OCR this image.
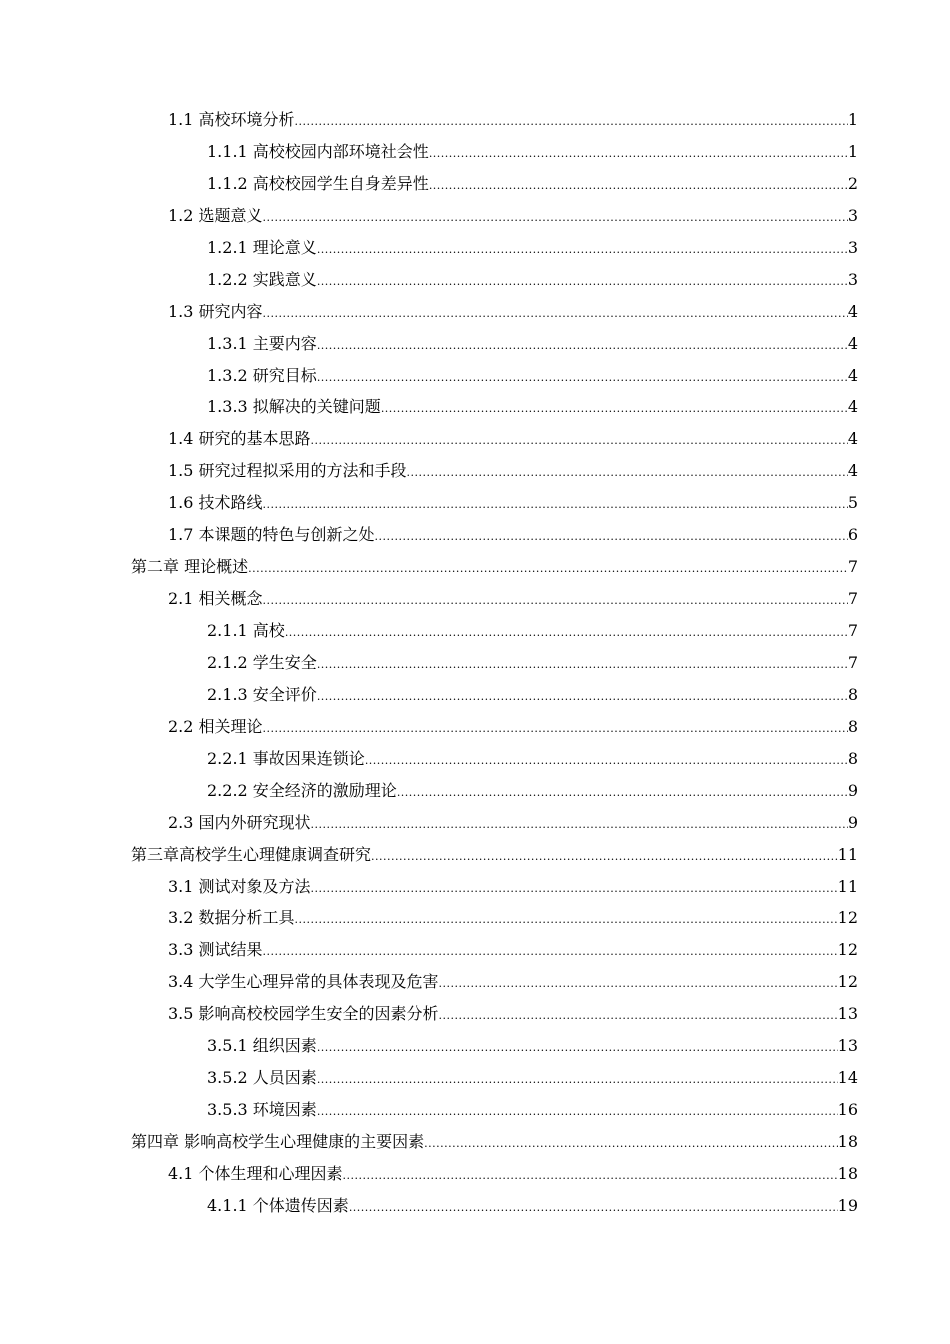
1.1 高校环境分析 .....	1
1.1.1 高校校园内部环境社会性 .....	1
1.1.2 高校校园学生自身差异性 .....	2
1.2 选题意义 .....	3
1.2.1 理论意义 .....	3
1.2.2 实践意义 .....	3
1.3 研究内容 .....	4
1.3.1 主要内容 .....	4
1.3.2 研究目标 .....	4
1.3.3 拟解决的关键问题 .....	4
1.4 研究的基本思路 .....	4
1.5 研究过程拟采用的方法和手段 .....	4
1.6 技术路线 .....	5
1.7 本课题的特色与创新之处 .....	6
第二章 理论概述 .....	7
2.1 相关概念 .....	7
2.1.1 高校 .....	7
2.1.2 学生安全 .....	7
2.1.3 安全评价 .....	8
2.2 相关理论 .....	8
2.2.1 事故因果连锁论 .....	8
2.2.2 安全经济的激励理论 .....	9
2.3 国内外研究现状 .....	9
第三章高校学生心理健康调查研究 .....	11
3.1 测试对象及方法 .....	11
3.2 数据分析工具 .....	12
3.3 测试结果 .....	12
3.4 大学生心理异常的具体表现及危害 .....	12
3.5 影响高校校园学生安全的因素分析 .....	13
3.5.1 组织因素 .....	13
3.5.2 人员因素 .....	14
3.5.3 环境因素 .....	16
第四章 影响高校学生心理健康的主要因素 .....	18
4.1 个体生理和心理因素 .....	18
4.1.1 个体遗传因素 .....	19
